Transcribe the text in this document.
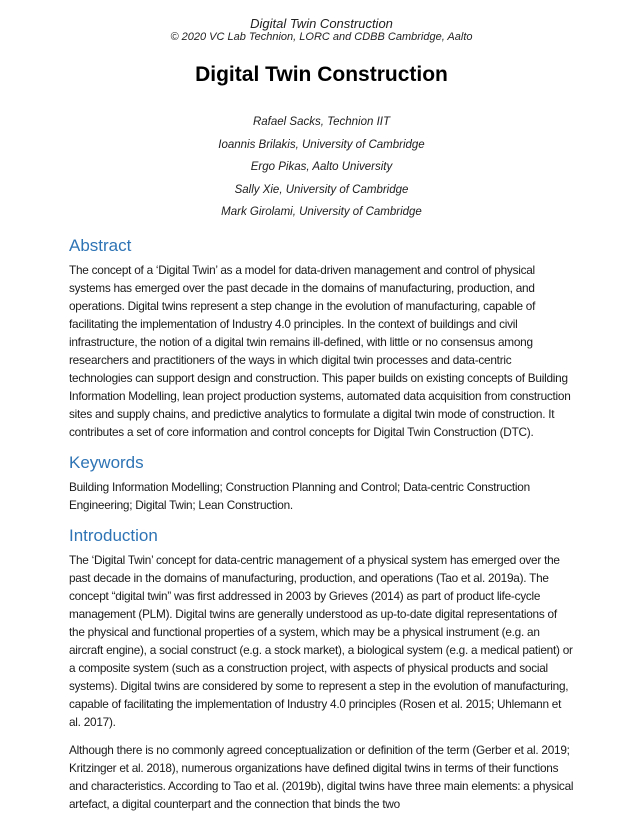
Digital Twin Construction
© 2020 VC Lab Technion, LORC and CDBB Cambridge, Aalto
Digital Twin Construction

Rafael Sacks, Technion IIT

Ioannis Brilakis, University of Cambridge

Ergo Pikas, Aalto University

Sally Xie, University of Cambridge

Mark Girolami, University of Cambridge

Abstract

The concept of a ‘Digital Twin’ as a model for data-driven management and control of physical systems has emerged over the past decade in the domains of manufacturing, production, and operations. Digital twins represent a step change in the evolution of manufacturing, capable of facilitating the implementation of Industry 4.0 principles. In the context of buildings and civil infrastructure, the notion of a digital twin remains ill-defined, with little or no consensus among researchers and practitioners of the ways in which digital twin processes and data-centric technologies can support design and construction. This paper builds on existing concepts of Building Information Modelling, lean project production systems, automated data acquisition from construction sites and supply chains, and predictive analytics to formulate a digital twin mode of construction. It contributes a set of core information and control concepts for Digital Twin Construction (DTC).

Keywords

Building Information Modelling; Construction Planning and Control; Data-centric Construction Engineering; Digital Twin; Lean Construction.

Introduction

The ‘Digital Twin’ concept for data-centric management of a physical system has emerged over the past decade in the domains of manufacturing, production, and operations (Tao et al. 2019a). The concept “digital twin” was first addressed in 2003 by Grieves (2014) as part of product life-cycle management (PLM). Digital twins are generally understood as up-to-date digital representations of the physical and functional properties of a system, which may be a physical instrument (e.g. an aircraft engine), a social construct (e.g. a stock market), a biological system (e.g. a medical patient) or a composite system (such as a construction project, with aspects of physical products and social systems). Digital twins are considered by some to represent a step in the evolution of manufacturing, capable of facilitating the implementation of Industry 4.0 principles (Rosen et al. 2015; Uhlemann et al. 2017).

Although there is no commonly agreed conceptualization or definition of the term (Gerber et al. 2019; Kritzinger et al. 2018), numerous organizations have defined digital twins in terms of their functions and characteristics. According to Tao et al. (2019b), digital twins have three main elements: a physical artefact, a digital counterpart and the connection that binds the two
